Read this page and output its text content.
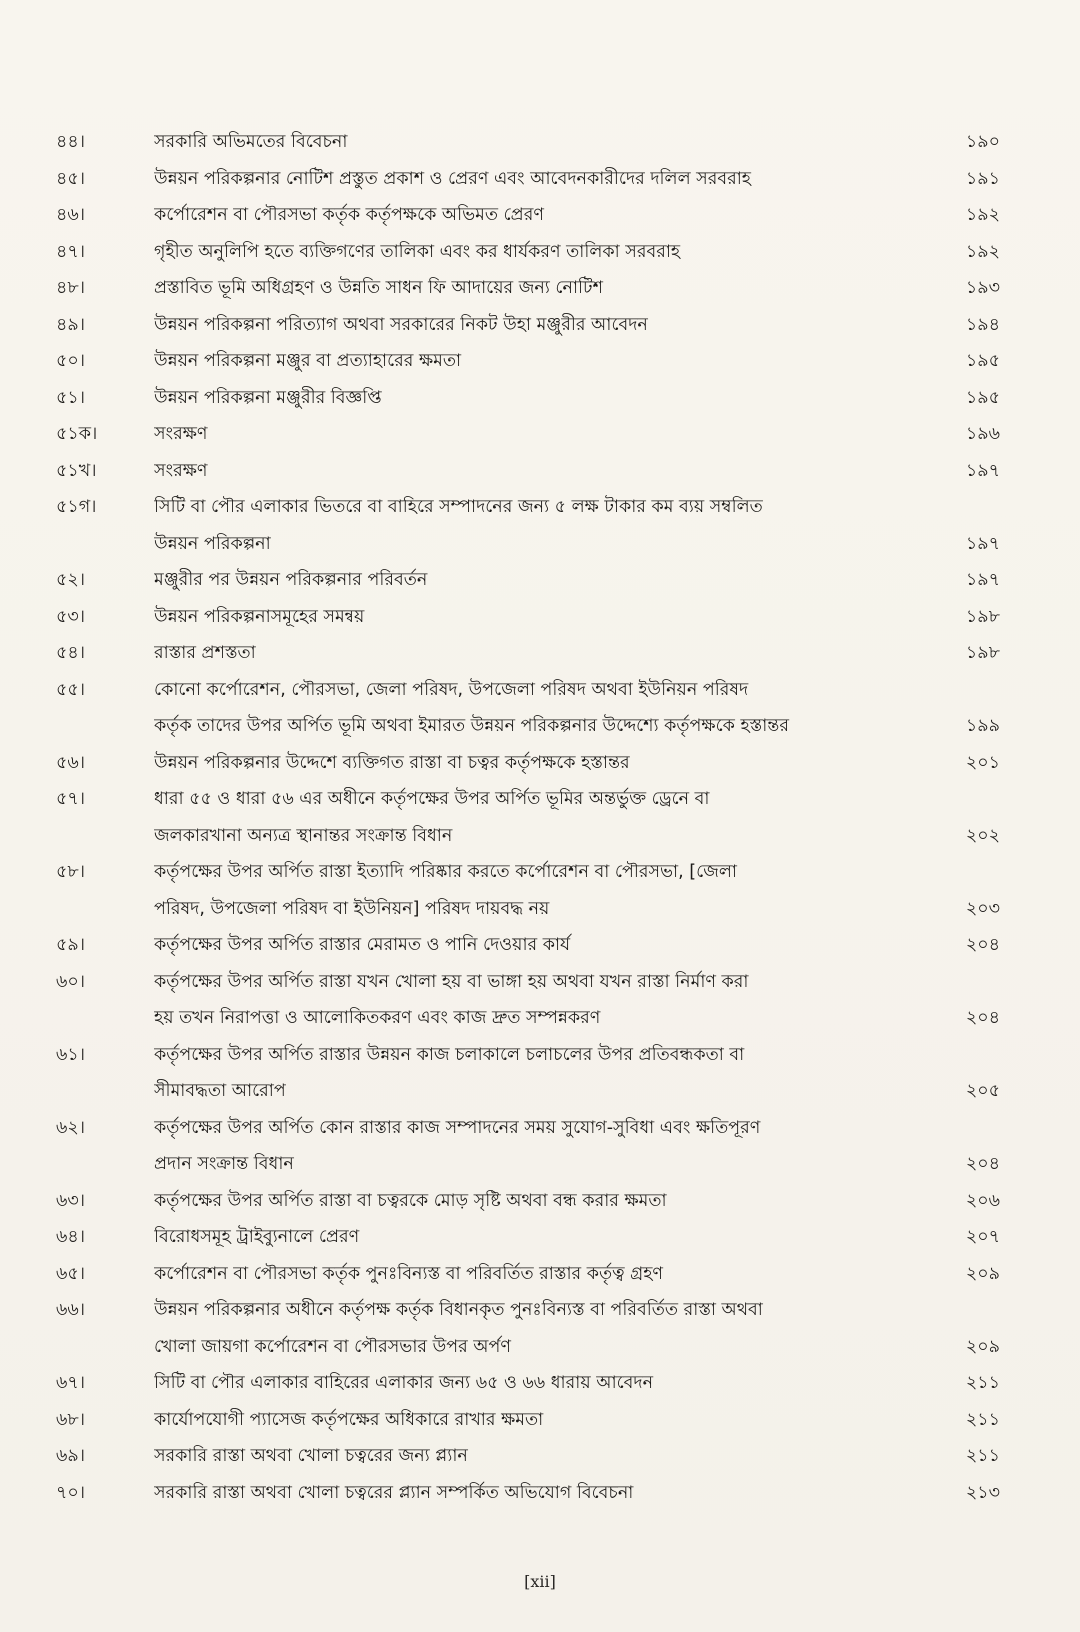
৪৪।	সরকারি অভিমতের বিবেচনা	১৯০
৪৫।	উন্নয়ন পরিকল্পনার নোটিশ প্রস্তুত প্রকাশ ও প্রেরণ এবং আবেদনকারীদের দলিল সরবরাহ	১৯১
৪৬।	কর্পোরেশন বা পৌরসভা কর্তৃক কর্তৃপক্ষকে অভিমত প্রেরণ	১৯২
৪৭।	গৃহীত অনুলিপি হতে ব্যক্তিগণের তালিকা এবং কর ধার্যকরণ তালিকা সরবরাহ	১৯২
৪৮।	প্রস্তাবিত ভূমি অধিগ্রহণ ও উন্নতি সাধন ফি আদায়ের জন্য নোটিশ	১৯৩
৪৯।	উন্নয়ন পরিকল্পনা পরিত্যাগ অথবা সরকারের নিকট উহা মঞ্জুরীর আবেদন	১৯৪
৫০।	উন্নয়ন পরিকল্পনা মঞ্জুর বা প্রত্যাহারের ক্ষমতা	১৯৫
৫১।	উন্নয়ন পরিকল্পনা মঞ্জুরীর বিজ্ঞপ্তি	১৯৫
৫১ক।	সংরক্ষণ	১৯৬
৫১খ।	সংরক্ষণ	১৯৭
৫১গ।	সিটি বা পৌর এলাকার ভিতরে বা বাহিরে সম্পাদনের জন্য ৫ লক্ষ টাকার কম ব্যয় সম্বলিত
উন্নয়ন পরিকল্পনা	১৯৭
৫২।	মঞ্জুরীর পর উন্নয়ন পরিকল্পনার পরিবর্তন	১৯৭
৫৩।	উন্নয়ন পরিকল্পনাসমূহের সমন্বয়	১৯৮
৫৪।	রাস্তার প্রশস্ততা	১৯৮
৫৫।	কোনো কর্পোরেশন, পৌরসভা, জেলা পরিষদ, উপজেলা পরিষদ অথবা ইউনিয়ন পরিষদ
কর্তৃক তাদের উপর অর্পিত ভূমি অথবা ইমারত উন্নয়ন পরিকল্পনার উদ্দেশ্যে কর্তৃপক্ষকে হস্তান্তর	১৯৯
৫৬।	উন্নয়ন পরিকল্পনার উদ্দেশে ব্যক্তিগত রাস্তা বা চত্বর কর্তৃপক্ষকে হস্তান্তর	২০১
৫৭।	ধারা ৫৫ ও ধারা ৫৬ এর অধীনে কর্তৃপক্ষের উপর অর্পিত ভূমির অন্তর্ভুক্ত ড্রেনে বা
জলকারখানা অন্যত্র স্থানান্তর সংক্রান্ত বিধান	২০২
৫৮।	কর্তৃপক্ষের উপর অর্পিত রাস্তা ইত্যাদি পরিষ্কার করতে কর্পোরেশন বা পৌরসভা, [জেলা
পরিষদ, উপজেলা পরিষদ বা ইউনিয়ন] পরিষদ দায়বদ্ধ নয়	২০৩
৫৯।	কর্তৃপক্ষের উপর অর্পিত রাস্তার মেরামত ও পানি দেওয়ার কার্য	২০৪
৬০।	কর্তৃপক্ষের উপর অর্পিত রাস্তা যখন খোলা হয় বা ভাঙ্গা হয় অথবা যখন রাস্তা নির্মাণ করা
হয় তখন নিরাপত্তা ও আলোকিতকরণ এবং কাজ দ্রুত সম্পন্নকরণ	২০৪
৬১।	কর্তৃপক্ষের উপর অর্পিত রাস্তার উন্নয়ন কাজ চলাকালে চলাচলের উপর প্রতিবন্ধকতা বা
সীমাবদ্ধতা আরোপ	২০৫
৬২।	কর্তৃপক্ষের উপর অর্পিত কোন রাস্তার কাজ সম্পাদনের সময় সুযোগ-সুবিধা এবং ক্ষতিপূরণ
প্রদান সংক্রান্ত বিধান	২০৪
৬৩।	কর্তৃপক্ষের উপর অর্পিত রাস্তা বা চত্বরকে মোড় সৃষ্টি অথবা বন্ধ করার ক্ষমতা	২০৬
৬৪।	বিরোধসমূহ ট্রাইব্যুনালে প্রেরণ	২০৭
৬৫।	কর্পোরেশন বা পৌরসভা কর্তৃক পুনঃবিন্যস্ত বা পরিবর্তিত রাস্তার কর্তৃত্ব গ্রহণ	২০৯
৬৬।	উন্নয়ন পরিকল্পনার অধীনে কর্তৃপক্ষ কর্তৃক বিধানকৃত পুনঃবিন্যস্ত বা পরিবর্তিত রাস্তা অথবা
খোলা জায়গা কর্পোরেশন বা পৌরসভার উপর অর্পণ	২০৯
৬৭।	সিটি বা পৌর এলাকার বাহিরের এলাকার জন্য ৬৫ ও ৬৬ ধারায় আবেদন	২১১
৬৮।	কার্যোপযোগী প্যাসেজ কর্তৃপক্ষের অধিকারে রাখার ক্ষমতা	২১১
৬৯।	সরকারি রাস্তা অথবা খোলা চত্বরের জন্য প্ল্যান	২১১
৭০।	সরকারি রাস্তা অথবা খোলা চত্বরের প্ল্যান সম্পর্কিত অভিযোগ বিবেচনা	২১৩
[xii]
